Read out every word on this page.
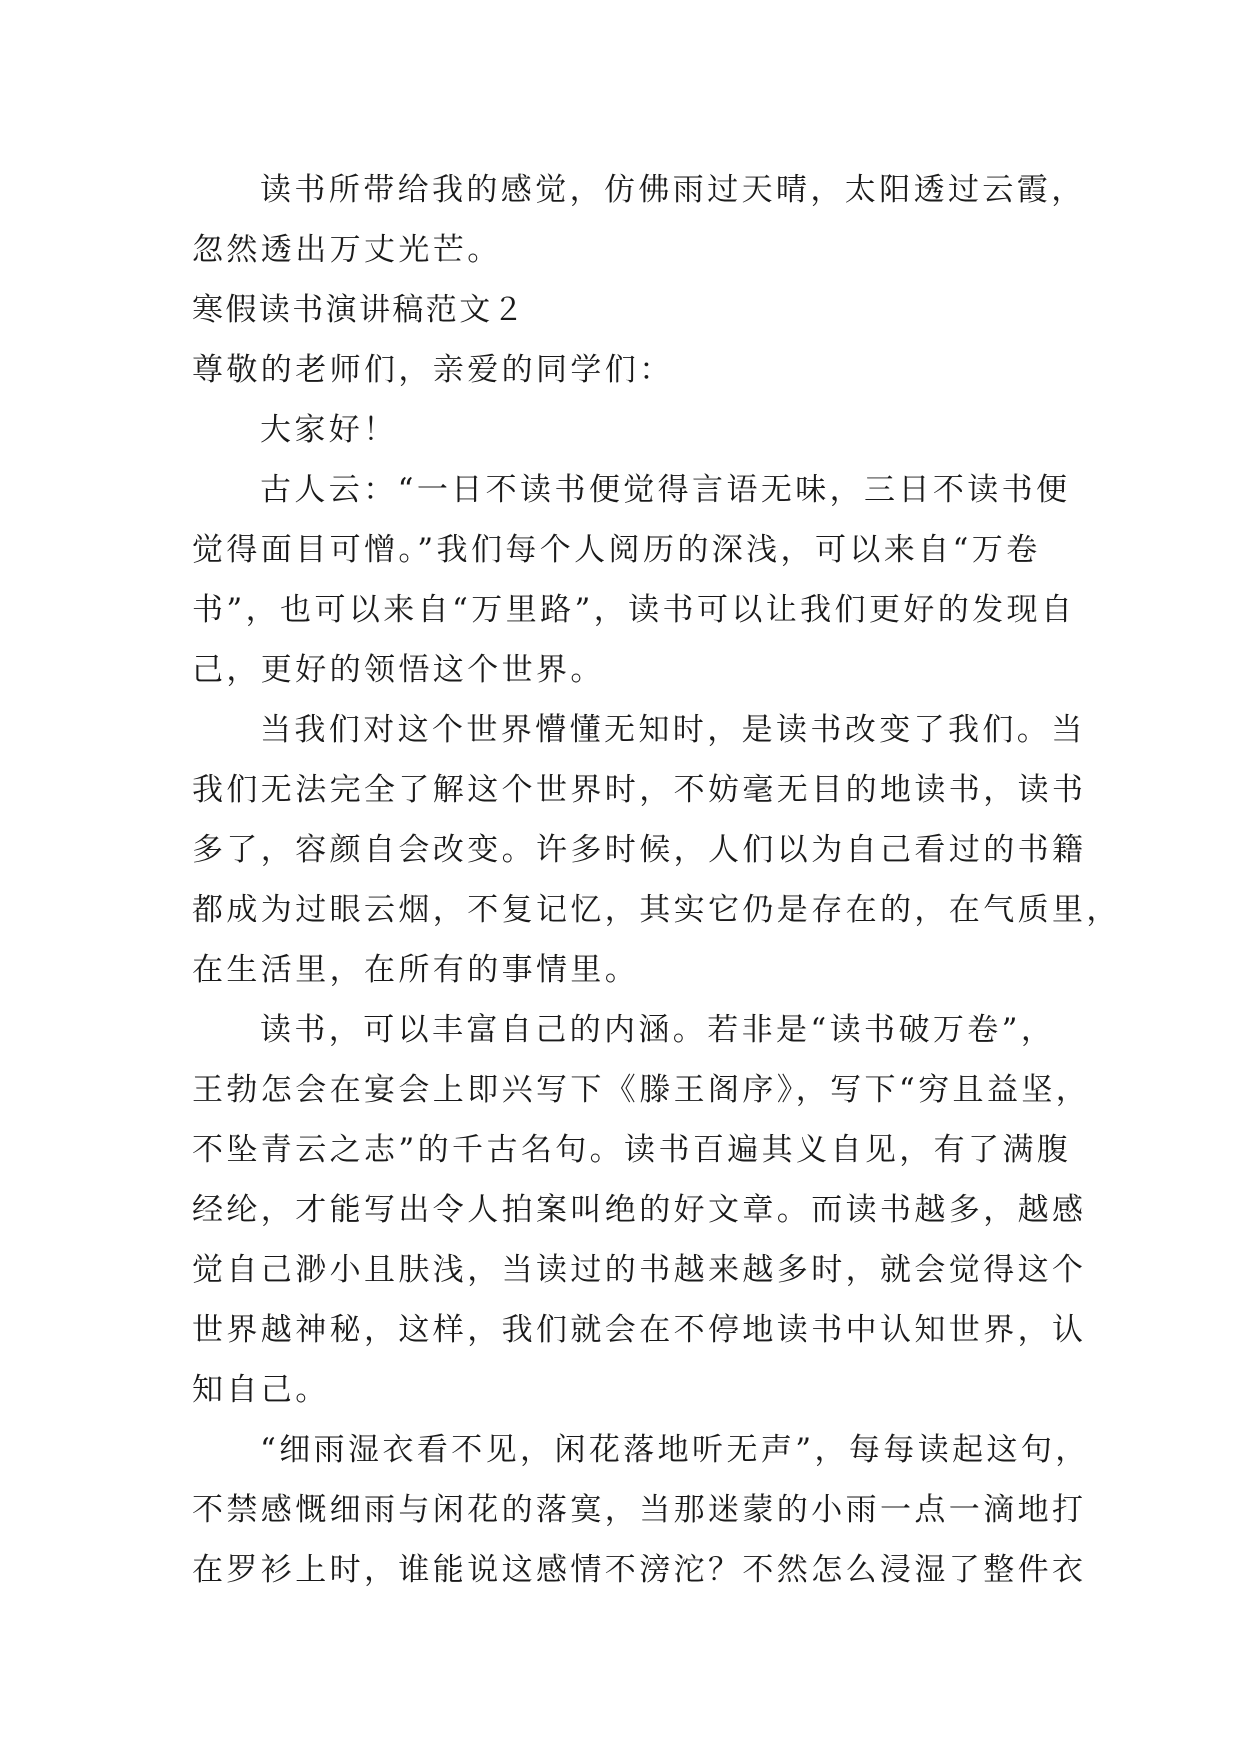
读书所带给我的感觉，仿佛雨过天晴，太阳透过云霞，
忽然透出万丈光芒。
寒假读书演讲稿范文２
尊敬的老师们，亲爱的同学们：
大家好！
古人云：“一日不读书便觉得言语无味，三日不读书便
觉得面目可憎。”我们每个人阅历的深浅，可以来自“万卷
书”，也可以来自“万里路”，读书可以让我们更好的发现自
己，更好的领悟这个世界。
当我们对这个世界懵懂无知时，是读书改变了我们。当
我们无法完全了解这个世界时，不妨毫无目的地读书，读书
多了，容颜自会改变。许多时候，人们以为自己看过的书籍
都成为过眼云烟，不复记忆，其实它仍是存在的，在气质里，
在生活里，在所有的事情里。
读书，可以丰富自己的内涵。若非是“读书破万卷”，
王勃怎会在宴会上即兴写下《滕王阁序》，写下“穷且益坚，
不坠青云之志”的千古名句。读书百遍其义自见，有了满腹
经纶，才能写出令人拍案叫绝的好文章。而读书越多，越感
觉自己渺小且肤浅，当读过的书越来越多时，就会觉得这个
世界越神秘，这样，我们就会在不停地读书中认知世界，认
知自己。
“细雨湿衣看不见，闲花落地听无声”，每每读起这句，
不禁感慨细雨与闲花的落寞，当那迷蒙的小雨一点一滴地打
在罗衫上时，谁能说这感情不滂沱？不然怎么浸湿了整件衣
